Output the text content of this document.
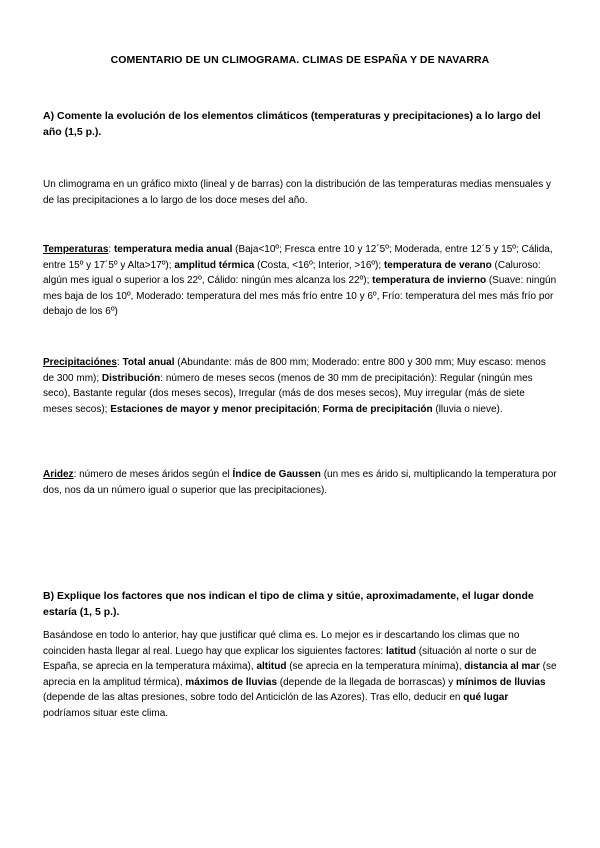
COMENTARIO DE UN CLIMOGRAMA. CLIMAS DE ESPAÑA Y DE NAVARRA
A) Comente la evolución de los elementos climáticos (temperaturas y precipitaciones) a lo largo del año (1,5 p.).
Un climograma en un gráfico mixto (lineal y de barras) con la distribución de las temperaturas medias mensuales y de las precipitaciones a lo largo de los doce meses del año.
Temperaturas: temperatura media anual (Baja<10º; Fresca entre 10 y 12´5º; Moderada, entre 12´5 y 15º; Cálida, entre 15º y 17´5º y Alta>17º); amplitud térmica (Costa, <16º; Interior, >16º); temperatura de verano (Caluroso: algún mes igual o superior a los 22º, Cálido: ningún mes alcanza los 22º); temperatura de invierno (Suave: ningún mes baja de los 10º, Moderado: temperatura del mes más frío entre 10 y 6º, Frío: temperatura del mes más frío por debajo de los 6º)
Precipitaciónes: Total anual (Abundante: más de 800 mm; Moderado: entre 800 y 300 mm; Muy escaso: menos de 300 mm); Distribución: número de meses secos (menos de 30 mm de precipitación): Regular (ningún mes seco), Bastante regular (dos meses secos), Irregular (más de dos meses secos), Muy irregular (más de siete meses secos); Estaciones de mayor y menor precipitación; Forma de precipitación (lluvia o nieve).
Aridez: número de meses áridos según el Índice de Gaussen (un mes es árido si, multiplicando la temperatura por dos, nos da un número igual o superior que las precipitaciones).
B) Explique los factores que nos indican el tipo de clima y sitúe, aproximadamente, el lugar donde estaría (1, 5 p.).
Basándose en todo lo anterior, hay que justificar qué clima es. Lo mejor es ir descartando los climas que no coinciden hasta llegar al real. Luego hay que explicar los siguientes factores: latitud (situación al norte o sur de España, se aprecia en la temperatura máxima), altitud (se aprecia en la temperatura mínima), distancia al mar (se aprecia en la amplitud térmica), máximos de lluvias (depende de la llegada de borrascas) y mínimos de lluvias (depende de las altas presiones, sobre todo del Anticiclón de las Azores). Tras ello, deducir en qué lugar podríamos situar este clima.
